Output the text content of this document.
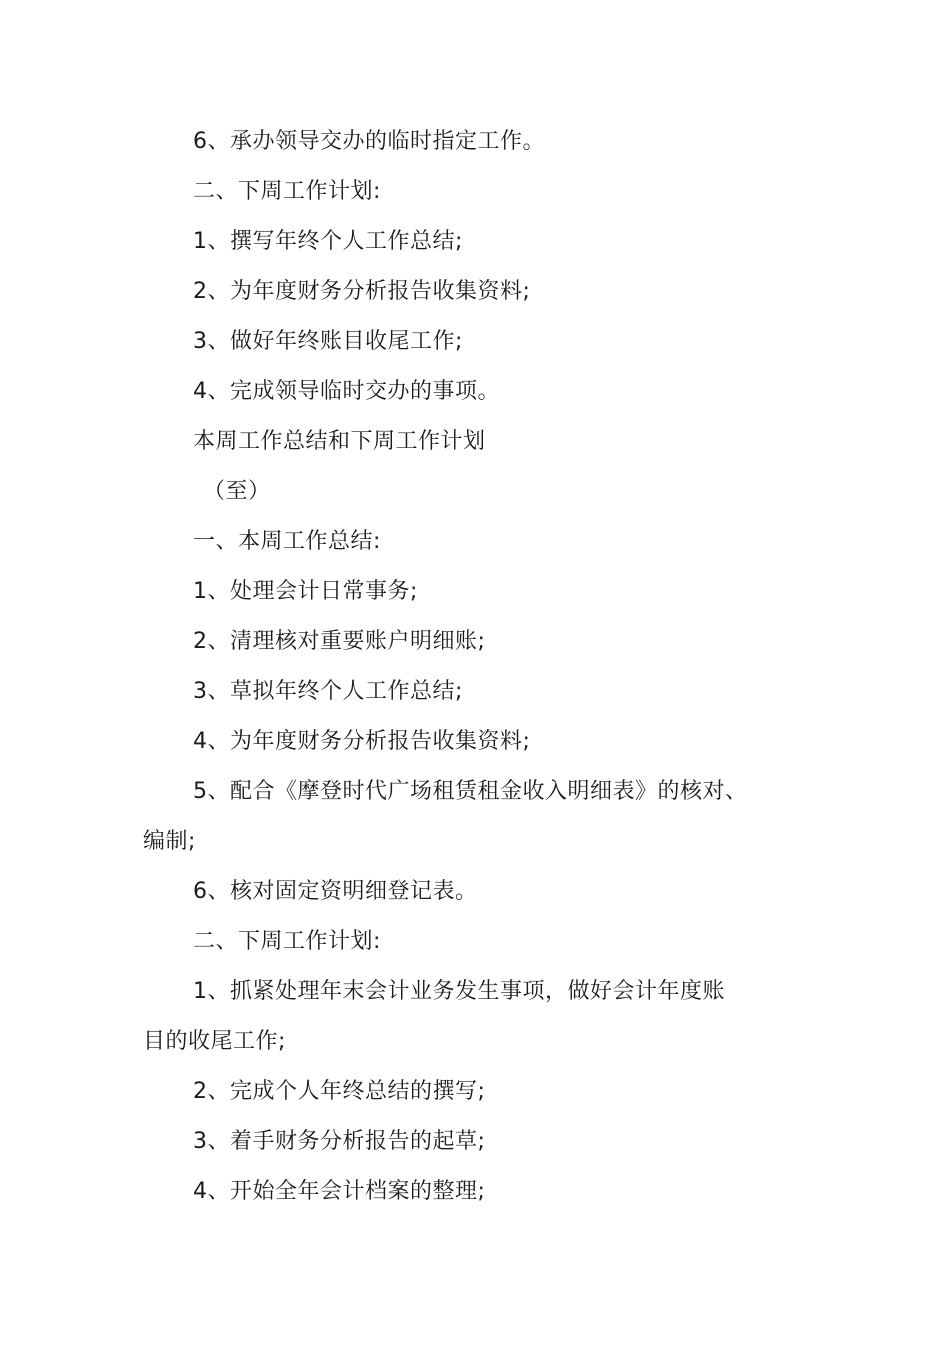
6、承办领导交办的临时指定工作。
二、下周工作计划:
1、撰写年终个人工作总结;
2、为年度财务分析报告收集资料;
3、做好年终账目收尾工作;
4、完成领导临时交办的事项。
本周工作总结和下周工作计划
（至）
一、本周工作总结:
1、处理会计日常事务;
2、清理核对重要账户明细账;
3、草拟年终个人工作总结;
4、为年度财务分析报告收集资料;
5、配合《摩登时代广场租赁租金收入明细表》的核对、
编制;
6、核对固定资明细登记表。
二、下周工作计划:
1、抓紧处理年末会计业务发生事项，做好会计年度账
目的收尾工作;
2、完成个人年终总结的撰写;
3、着手财务分析报告的起草;
4、开始全年会计档案的整理;
